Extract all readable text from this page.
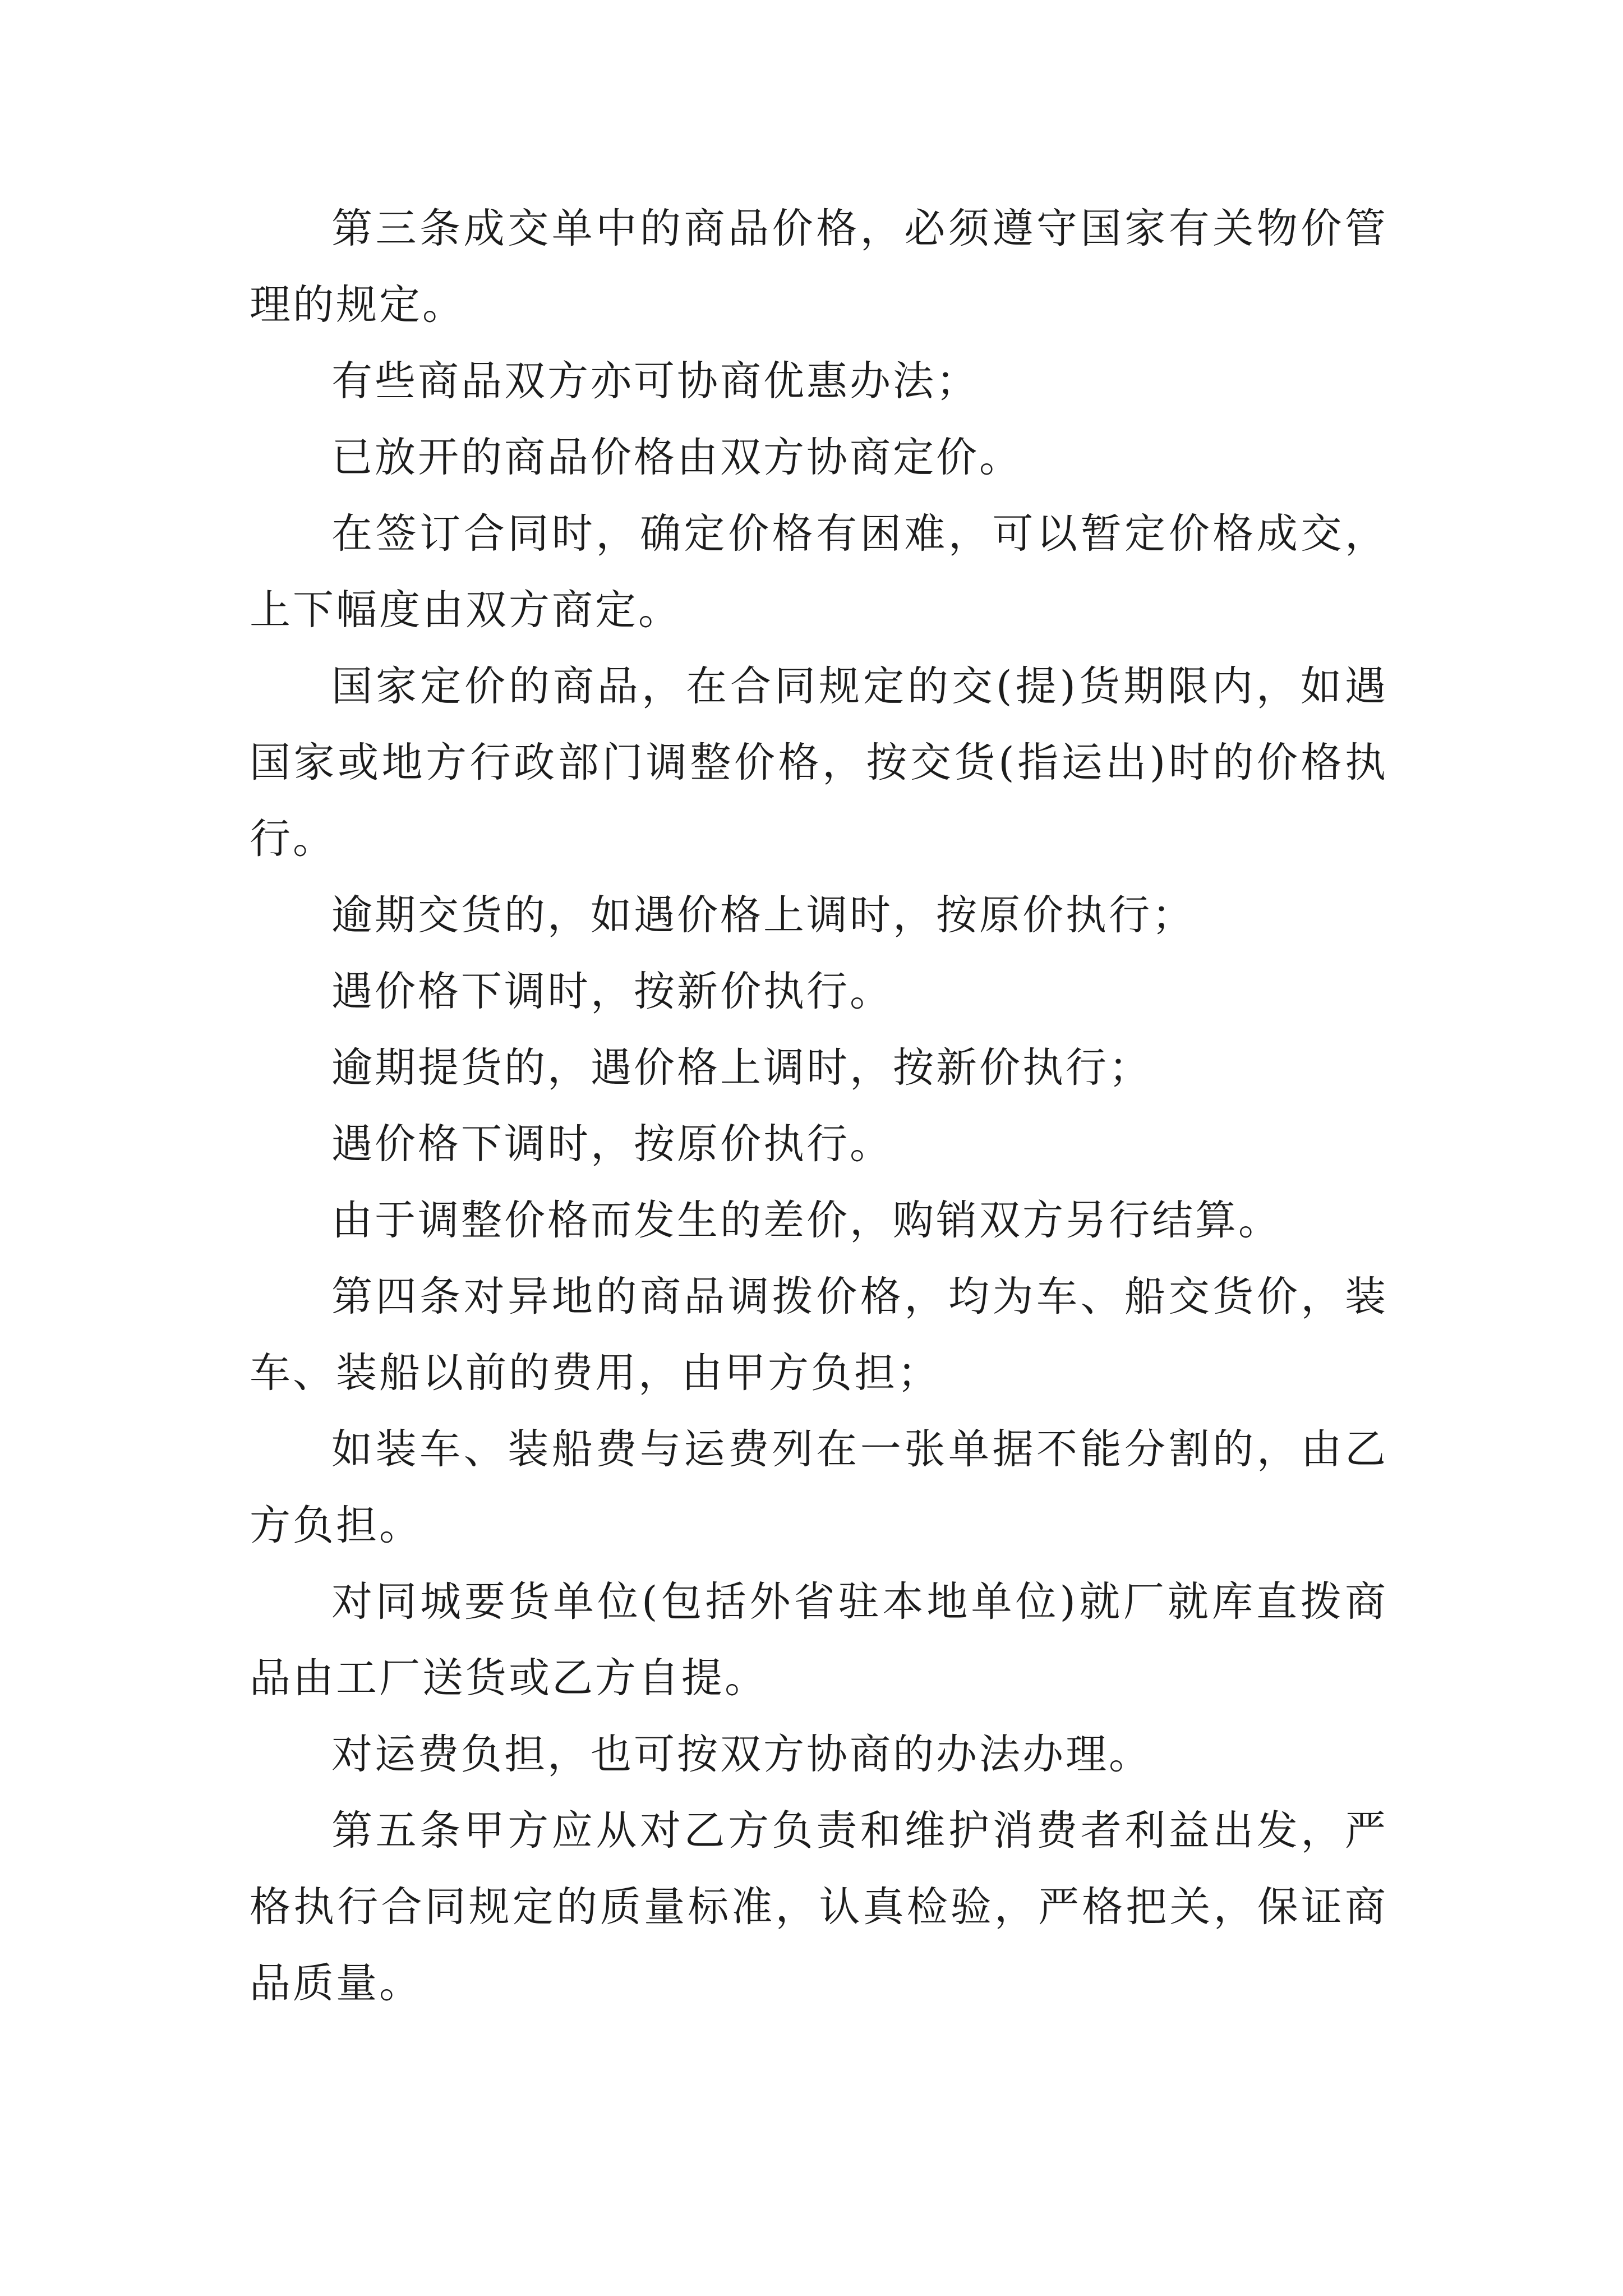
第三条成交单中的商品价格，必须遵守国家有关物价管理的规定。

有些商品双方亦可协商优惠办法；

已放开的商品价格由双方协商定价。

在签订合同时，确定价格有困难，可以暂定价格成交，上下幅度由双方商定。

国家定价的商品，在合同规定的交(提)货期限内，如遇国家或地方行政部门调整价格，按交货(指运出)时的价格执行。

逾期交货的，如遇价格上调时，按原价执行；

遇价格下调时，按新价执行。

逾期提货的，遇价格上调时，按新价执行；

遇价格下调时，按原价执行。

由于调整价格而发生的差价，购销双方另行结算。

第四条对异地的商品调拨价格，均为车、船交货价，装车、装船以前的费用，由甲方负担；

如装车、装船费与运费列在一张单据不能分割的，由乙方负担。

对同城要货单位(包括外省驻本地单位)就厂就库直拨商品由工厂送货或乙方自提。

对运费负担，也可按双方协商的办法办理。

第五条甲方应从对乙方负责和维护消费者利益出发，严格执行合同规定的质量标准，认真检验，严格把关，保证商品质量。
